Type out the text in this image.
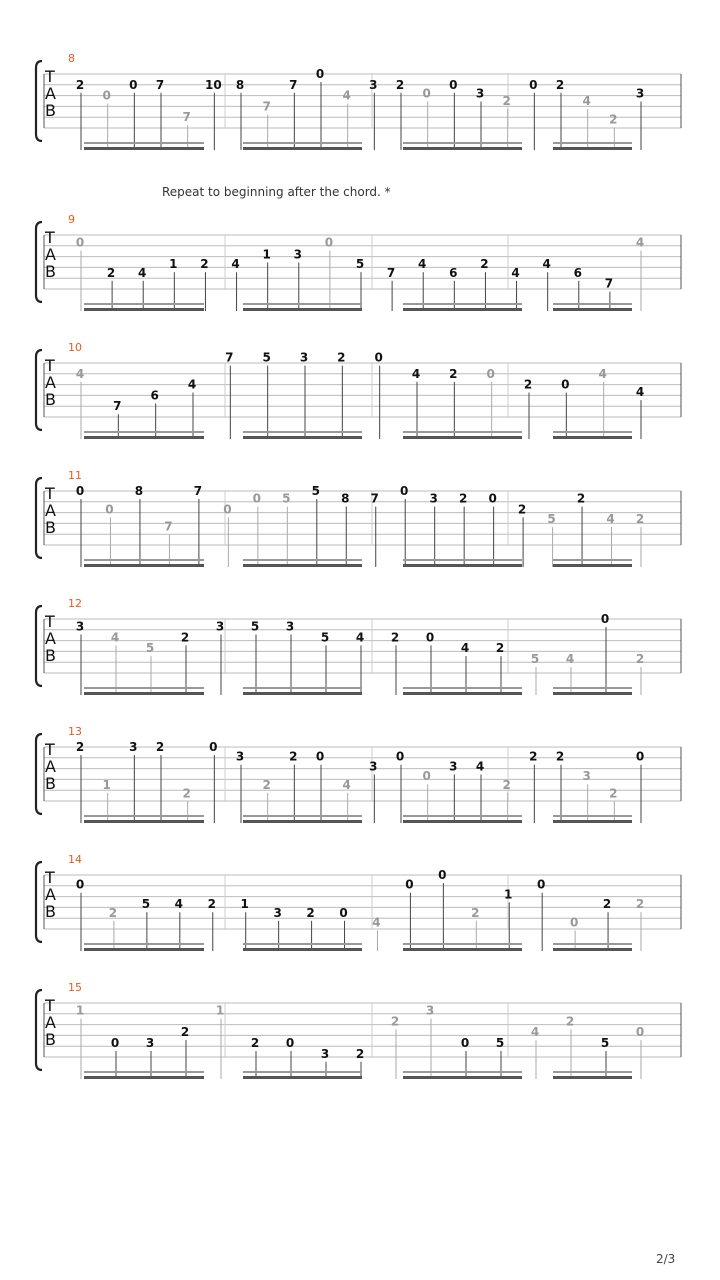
Repeat to beginning after the chord. *
2/3
T
A
B
8
2
0
0 7
7
10 8
7
7
0
4
3 2
0
0
3
2
0 2
4
2
3
T
A
B
9
0
2 4
1 2 4
1 3
0
5
7
4
6
2
4
4
6
7
4
T
A
B
10
4
7
6
4
7 5 3 2 0
4 2 0
2 0
4
4
T
A
B
11
0
0
8
7
7
0
0 5
5
8 7
0
3 2 0
2
5
2
4 2
T
A
B
12
3
4
5
2
3 5 3
5 4 2 0
4 2
5 4
0
2
T
A
B
13
2
1
3 2
2
0
3
2
2 0
4
3
0
0
3 4
2
2 2
3
2
0
T
A
B
14
0
2
5 4 2 1
3 2 0
4
0
0
2
1
0
0
2 2
T
A
B
15
1
0 3
2
1
2 0
3 2
2
3
0 5
4
2
5
0
